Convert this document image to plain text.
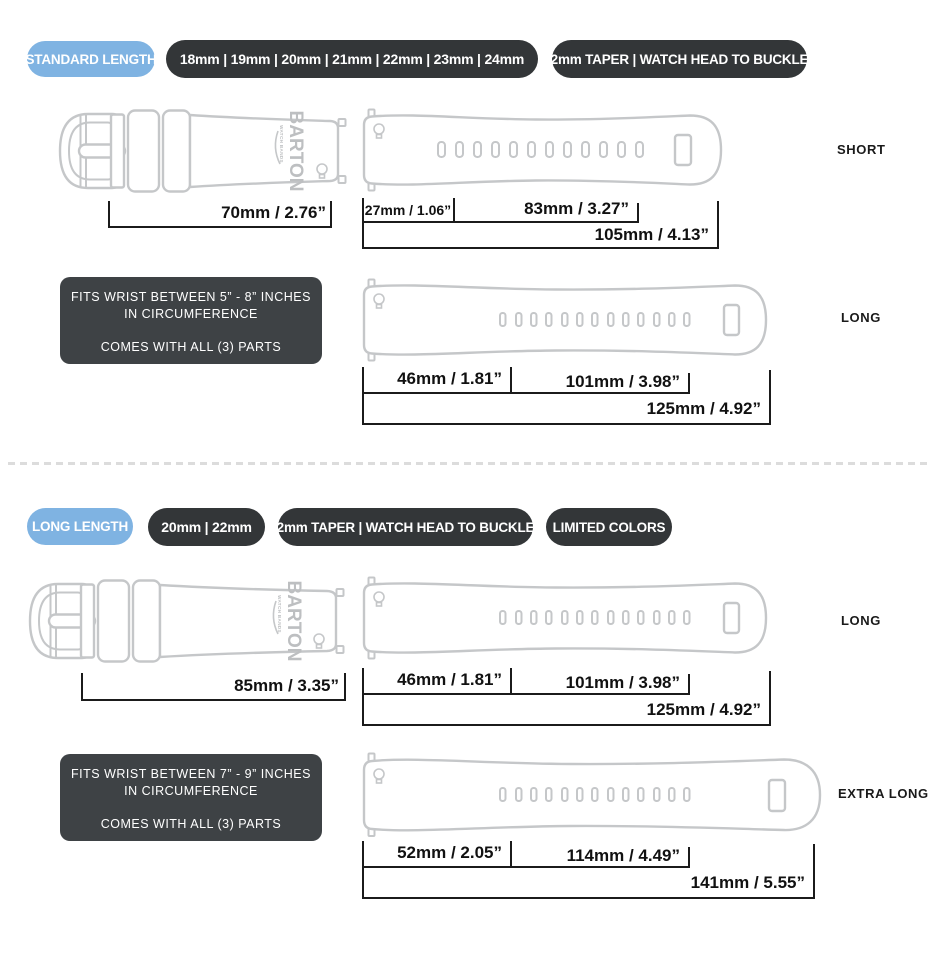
STANDARD LENGTH	18mm | 19mm | 20mm | 21mm | 22mm | 23mm | 24mm	2mm TAPER | WATCH HEAD TO BUCKLE
WATCH BANDS BARTON
70mm / 2.76”
SHORT
27mm / 1.06”	83mm / 3.27”
105mm / 4.13”
FITS WRIST BETWEEN 5” - 8” INCHES
IN CIRCUMFERENCE
COMES WITH ALL (3) PARTS
LONG
46mm / 1.81”	101mm / 3.98”
125mm / 4.92”
LONG LENGTH	20mm | 22mm	2mm TAPER | WATCH HEAD TO BUCKLE	LIMITED COLORS
WATCH BANDS BARTON
85mm / 3.35”
LONG
46mm / 1.81”	101mm / 3.98”
125mm / 4.92”
FITS WRIST BETWEEN 7” - 9” INCHES
IN CIRCUMFERENCE
COMES WITH ALL (3) PARTS
EXTRA LONG
52mm / 2.05”	114mm / 4.49”
141mm / 5.55”
